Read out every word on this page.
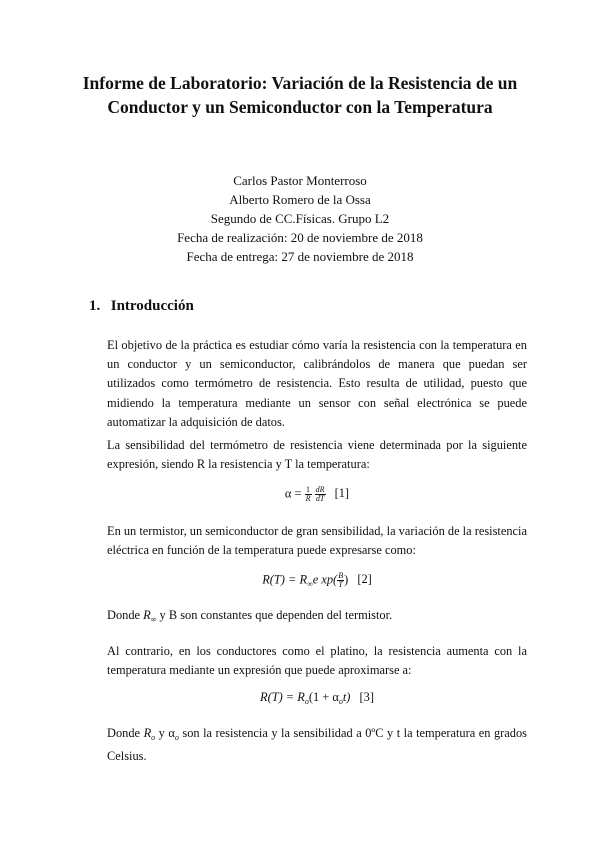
Informe de Laboratorio: Variación de la Resistencia de un
Conductor y un Semiconductor con la Temperatura
Carlos Pastor Monterroso
Alberto Romero de la Ossa
Segundo de CC.Físicas. Grupo L2
Fecha de realización: 20 de noviembre de 2018
Fecha de entrega: 27 de noviembre de 2018
1. Introducción

El objetivo de la práctica es estudiar cómo varía la resistencia con la temperatura en un conductor y un semiconductor, calibrándolos de manera que puedan ser utilizados como termómetro de resistencia. Esto resulta de utilidad, puesto que midiendo la temperatura mediante un sensor con señal electrónica se puede automatizar la adquisición de datos.

La sensibilidad del termómetro de resistencia viene determinada por la siguiente expresión, siendo R la resistencia y T la temperatura:

$\alpha = \frac{1}{R}$
$\frac{dR}{dT} [1]$

En un termistor, un semiconductor de gran sensibilidad, la variación de la resistencia eléctrica en función de la temperatura puede expresarse como:

$R(T) = R_\infty e$ $xp( \frac{B}{T}$ ) [2]

Donde $R_\infty$ y B son constantes que dependen del termistor.

Al contrario, en los conductores como el platino, la resistencia aumenta con la temperatura mediante un expresión que puede aproximarse a:

$R(T) = R_o(1 + \alpha_ot)$ [3]

Donde $R_o$ y $\alpha_o$ son la resistencia y la sensibilidad a 0ºC y t la temperatura en grados Celsius.
